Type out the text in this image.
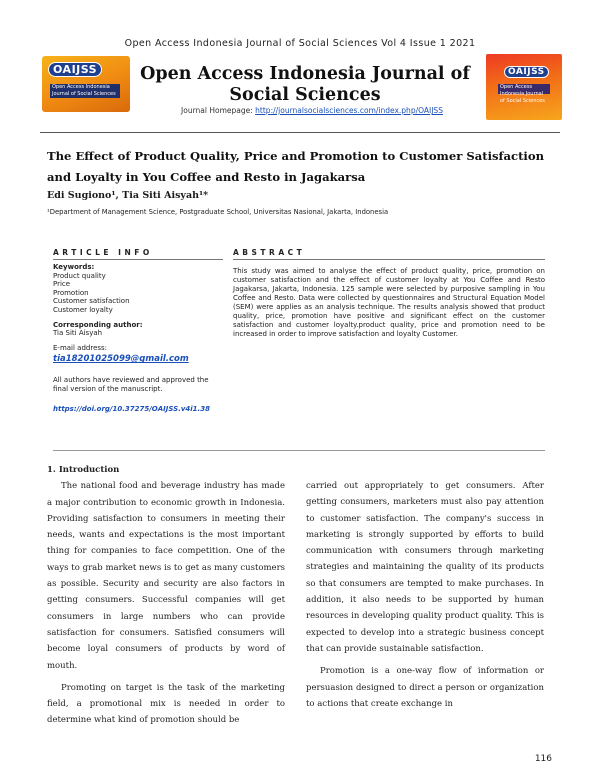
Open Access Indonesia Journal of Social Sciences Vol 4 Issue 1 2021
OAIJSS
Open Access Indonesia Journal of Social Sciences
Open Access Indonesia Journal of Social Sciences
Journal Homepage: http://journalsocialsciences.com/index.php/OAIJSS
OAIJSS
Open Access Indonesia Journal of Social Sciences
The Effect of Product Quality, Price and Promotion to Customer Satisfaction and Loyalty in You Coffee and Resto in Jagakarsa
Edi Sugiono¹, Tia Siti Aisyah¹*
¹Department of Management Science, Postgraduate School, Universitas Nasional, Jakarta, Indonesia
ARTICLE INFO	ABSTRACT
Keywords:
Product quality
Price
Promotion
Customer satisfaction
Customer loyalty
Corresponding author:
Tia Siti Aisyah
E-mail address:
tia18201025099@gmail.com
All authors have reviewed and approved the final version of the manuscript.
https://doi.org/10.37275/OAIJSS.v4i1.38
This study was aimed to analyse the effect of product quality, price, promotion on customer satisfaction and the effect of customer loyalty at You Coffee and Resto Jagakarsa, Jakarta, Indonesia. 125 sample were selected by purposive sampling in You Coffee and Resto. Data were collected by questionnaires and Structural Equation Model (SEM) were applies as an analysis technique. The results analysis showed that product quality, price, promotion have positive and significant effect on the customer satisfaction and customer loyalty.product quality, price and promotion need to be increased in order to improve satisfaction and loyalty Customer.

1. Introduction

The national food and beverage industry has made a major contribution to economic growth in Indonesia. Providing satisfaction to consumers in meeting their needs, wants and expectations is the most important thing for companies to face competition. One of the ways to grab market news is to get as many customers as possible. Security and security are also factors in getting consumers. Successful companies will get consumers in large numbers who can provide satisfaction for consumers. Satisfied consumers will become loyal consumers of products by word of mouth.

Promoting on target is the task of the marketing field, a promotional mix is needed in order to determine what kind of promotion should be

carried out appropriately to get consumers. After getting consumers, marketers must also pay attention to customer satisfaction. The company's success in marketing is strongly supported by efforts to build communication with consumers through marketing strategies and maintaining the quality of its products so that consumers are tempted to make purchases. In addition, it also needs to be supported by human resources in developing quality product quality. This is expected to develop into a strategic business concept that can provide sustainable satisfaction.

Promotion is a one-way flow of information or persuasion designed to direct a person or organization to actions that create exchange in

116
